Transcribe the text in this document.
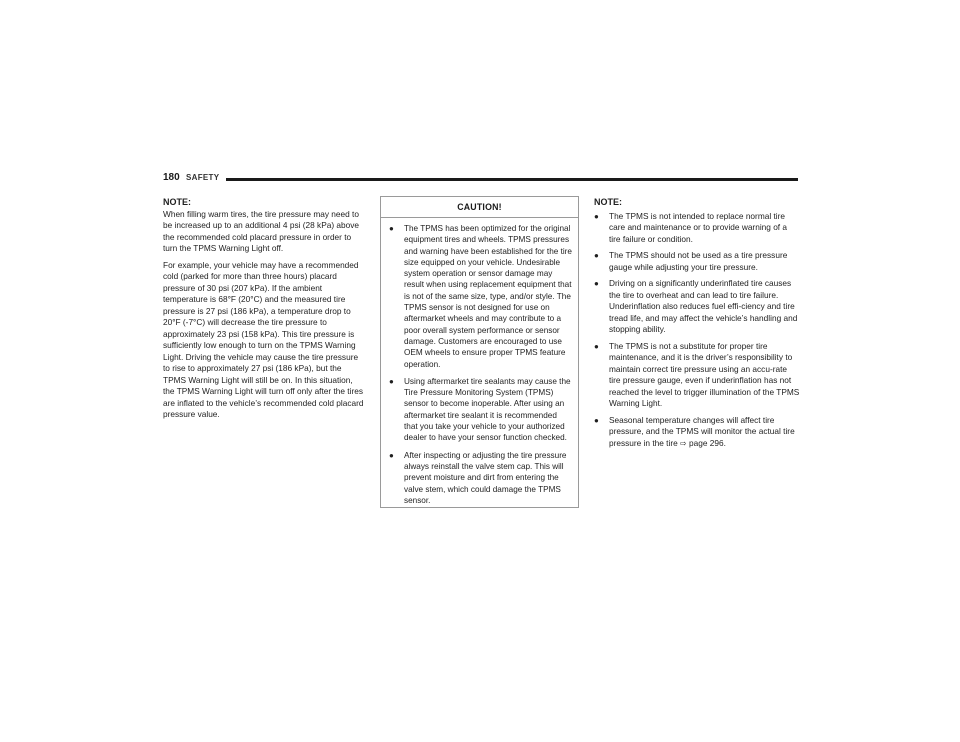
180 SAFETY
NOTE:

When filling warm tires, the tire pressure may need to be increased up to an additional 4 psi (28 kPa) above the recommended cold placard pressure in order to turn the TPMS Warning Light off.

For example, your vehicle may have a recommended cold (parked for more than three hours) placard pressure of 30 psi (207 kPa). If the ambient temperature is 68°F (20°C) and the measured tire pressure is 27 psi (186 kPa), a temperature drop to 20°F (-7°C) will decrease the tire pressure to approximately 23 psi (158 kPa). This tire pressure is sufficiently low enough to turn on the TPMS Warning Light. Driving the vehicle may cause the tire pressure to rise to approximately 27 psi (186 kPa), but the TPMS Warning Light will still be on. In this situation, the TPMS Warning Light will turn off only after the tires are inflated to the vehicle’s recommended cold placard pressure value.

CAUTION!
● The TPMS has been optimized for the original equipment tires and wheels. TPMS pressures and warning have been established for the tire size equipped on your vehicle. Undesirable system operation or sensor damage may result when using replacement equipment that is not of the same size, type, and/or style. The TPMS sensor is not designed for use on aftermarket wheels and may contribute to a poor overall system performance or sensor damage. Customers are encouraged to use OEM wheels to ensure proper TPMS feature operation.
● Using aftermarket tire sealants may cause the Tire Pressure Monitoring System (TPMS) sensor to become inoperable. After using an aftermarket tire sealant it is recommended that you take your vehicle to your authorized dealer to have your sensor function checked.
● After inspecting or adjusting the tire pressure always reinstall the valve stem cap. This will prevent moisture and dirt from entering the valve stem, which could damage the TPMS sensor.
NOTE:
● The TPMS is not intended to replace normal tire care and maintenance or to provide warning of a tire failure or condition.
● The TPMS should not be used as a tire pressure gauge while adjusting your tire pressure.
● Driving on a significantly underinflated tire causes the tire to overheat and can lead to tire failure. Underinflation also reduces fuel effi-ciency and tire tread life, and may affect the vehicle’s handling and stopping ability.
● The TPMS is not a substitute for proper tire maintenance, and it is the driver’s responsibility to maintain correct tire pressure using an accu-rate tire pressure gauge, even if underinflation has not reached the level to trigger illumination of the TPMS Warning Light.
● Seasonal temperature changes will affect tire pressure, and the TPMS will monitor the actual tire pressure in the tire ⇨ page 296.
